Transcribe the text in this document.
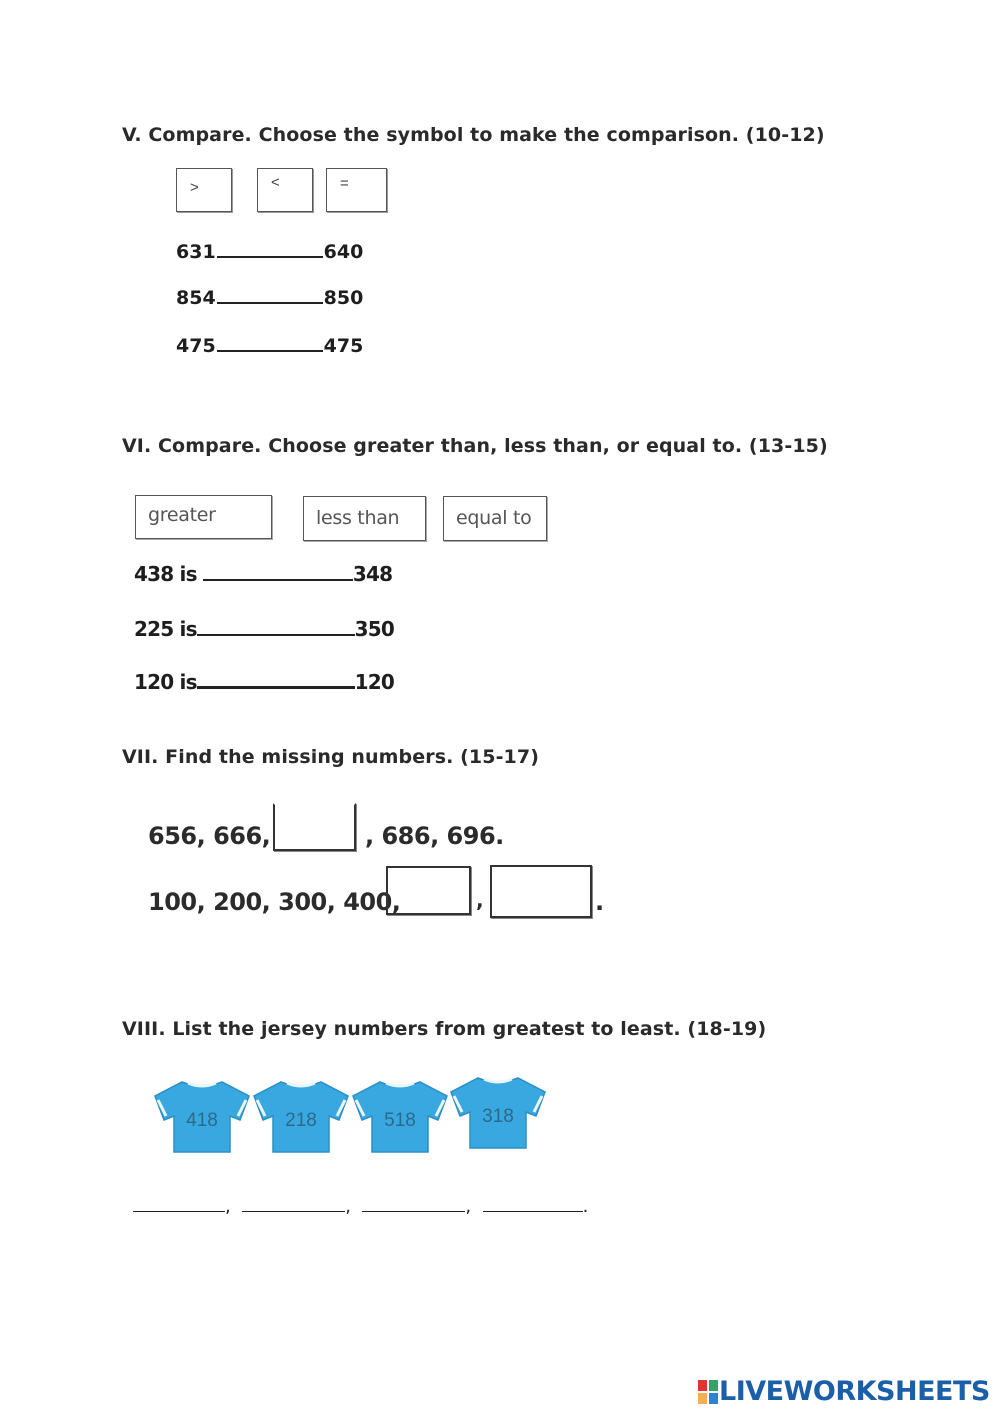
V. Compare. Choose the symbol to make the comparison. (10-12)
>	<	=
631	640
854	850
475	475
VI. Compare. Choose greater than, less than, or equal to. (13-15)
greater	less than	equal to
438 is	348
225 is	350
120 is	120
VII. Find the missing numbers. (15-17)
656, 666,	, 686, 696.
100, 200, 300, 400,	,	.
VIII. List the jersey numbers from greatest to least. (18-19)
418	218	518	318
,	,	,	.
LIVEWORKSHEETS
